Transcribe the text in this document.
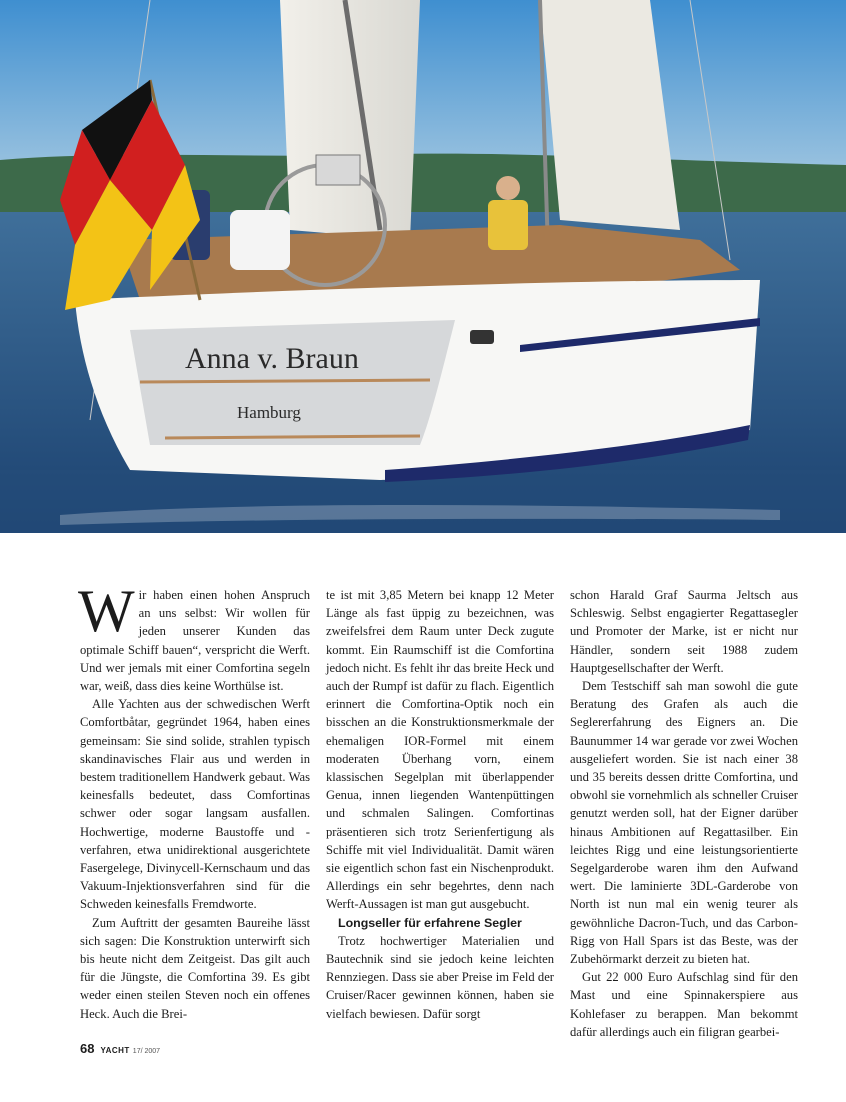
Anna v. Braun
Hamburg

Wir haben einen hohen Anspruch an uns selbst: Wir wollen für jeden unserer Kunden das optimale Schiff bauen“, verspricht die Werft. Und wer jemals mit einer Comfortina segeln war, weiß, dass dies keine Worthülse ist.

Alle Yachten aus der schwedischen Werft Comfortbåtar, gegründet 1964, haben eines gemeinsam: Sie sind solide, strahlen typisch skandinavisches Flair aus und werden in bestem traditionellem Handwerk gebaut. Was keinesfalls bedeutet, dass Comfortinas schwer oder sogar langsam ausfallen. Hochwertige, moderne Baustoffe und -verfahren, etwa unidirektional ausgerichtete Fasergelege, Divinycell-Kernschaum und das Vakuum-Injektionsverfahren sind für die Schweden keinesfalls Fremdworte.

Zum Auftritt der gesamten Baureihe lässt sich sagen: Die Konstruktion unterwirft sich bis heute nicht dem Zeitgeist. Das gilt auch für die Jüngste, die Comfortina 39. Es gibt weder einen steilen Steven noch ein offenes Heck. Auch die Brei-

te ist mit 3,85 Metern bei knapp 12 Meter Länge als fast üppig zu bezeichnen, was zweifelsfrei dem Raum unter Deck zugute kommt. Ein Raumschiff ist die Comfortina jedoch nicht. Es fehlt ihr das breite Heck und auch der Rumpf ist dafür zu flach. Eigentlich erinnert die Comfortina-Optik noch ein bisschen an die Konstruktionsmerkmale der ehemaligen IOR-Formel mit einem moderaten Überhang vorn, einem klassischen Segelplan mit überlappender Genua, innen liegenden Wantenpüttingen und schmalen Salingen. Comfortinas präsentieren sich trotz Serienfertigung als Schiffe mit viel Individualität. Damit wären sie eigentlich schon fast ein Nischenprodukt. Allerdings ein sehr begehrtes, denn nach Werft-Aussagen ist man gut ausgebucht.

Longseller für erfahrene Segler

Trotz hochwertiger Materialien und Bautechnik sind sie jedoch keine leichten Rennziegen. Dass sie aber Preise im Feld der Cruiser/Racer gewinnen können, haben sie vielfach bewiesen. Dafür sorgt

schon Harald Graf Saurma Jeltsch aus Schleswig. Selbst engagierter Regattasegler und Promoter der Marke, ist er nicht nur Händler, sondern seit 1988 zudem Hauptgesellschafter der Werft.

Dem Testschiff sah man sowohl die gute Beratung des Grafen als auch die Seglererfahrung des Eigners an. Die Baunummer 14 war gerade vor zwei Wochen ausgeliefert worden. Sie ist nach einer 38 und 35 bereits dessen dritte Comfortina, und obwohl sie vornehmlich als schneller Cruiser genutzt werden soll, hat der Eigner darüber hinaus Ambitionen auf Regattasilber. Ein leichtes Rigg und eine leistungsorientierte Segelgarderobe waren ihm den Aufwand wert. Die laminierte 3DL-Garderobe von North ist nun mal ein wenig teurer als gewöhnliche Dacron-Tuch, und das Carbon-Rigg von Hall Spars ist das Beste, was der Zubehörmarkt derzeit zu bieten hat.

Gut 22 000 Euro Aufschlag sind für den Mast und eine Spinnakerspiere aus Kohlefaser zu berappen. Man bekommt dafür allerdings auch ein filigran gearbei-

68 YACHT 17/ 2007
